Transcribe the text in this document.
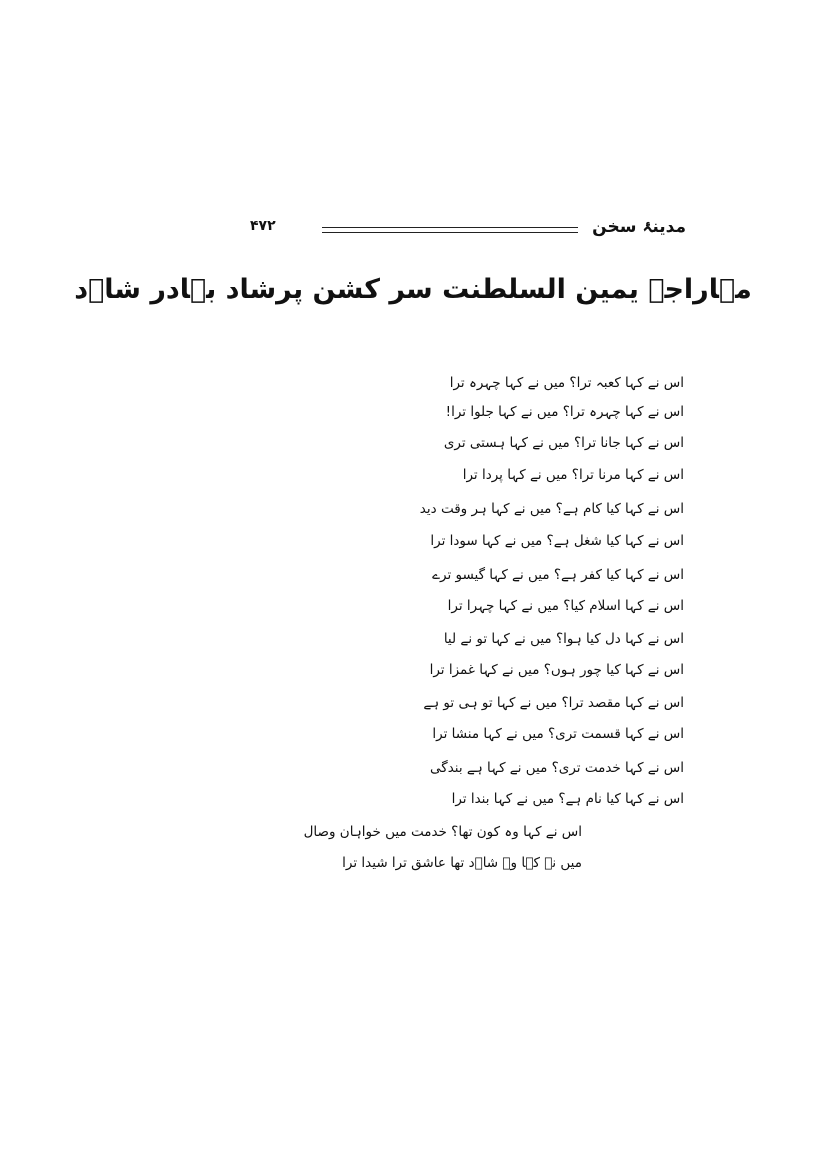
مدینۂ سخن
۴۷۲
مہاراجہ یمین السلطنت سر کشن پرشاد بہادر شاؔد
اس نے کہا کعبہ ترا؟ میں نے کہا چہرہ ترا
اس نے کہا چہرہ ترا؟ میں نے کہا جلوا ترا!
اس نے کہا جانا ترا؟ میں نے کہا ہستی تری
اس نے کہا مرنا ترا؟ میں نے کہا پردا ترا
اس نے کہا کیا کام ہے؟ میں نے کہا ہر وقت دید
اس نے کہا کیا شغل ہے؟ میں نے کہا سودا ترا
اس نے کہا کیا کفر ہے؟ میں نے کہا گیسو ترے
اس نے کہا اسلام کیا؟ میں نے کہا چہرا ترا
اس نے کہا دل کیا ہوا؟ میں نے کہا تو نے لیا
اس نے کہا کیا چور ہوں؟ میں نے کہا غمزا ترا
اس نے کہا مقصد ترا؟ میں نے کہا تو ہی تو ہے
اس نے کہا قسمت تری؟ میں نے کہا منشا ترا
اس نے کہا خدمت تری؟ میں نے کہا ہے بندگی
اس نے کہا کیا نام ہے؟ میں نے کہا بندا ترا
اس نے کہا وہ کون تھا؟ خدمت میں خواہان وصال
میں نے کہا وہ شاؔد تھا عاشق ترا شیدا ترا
